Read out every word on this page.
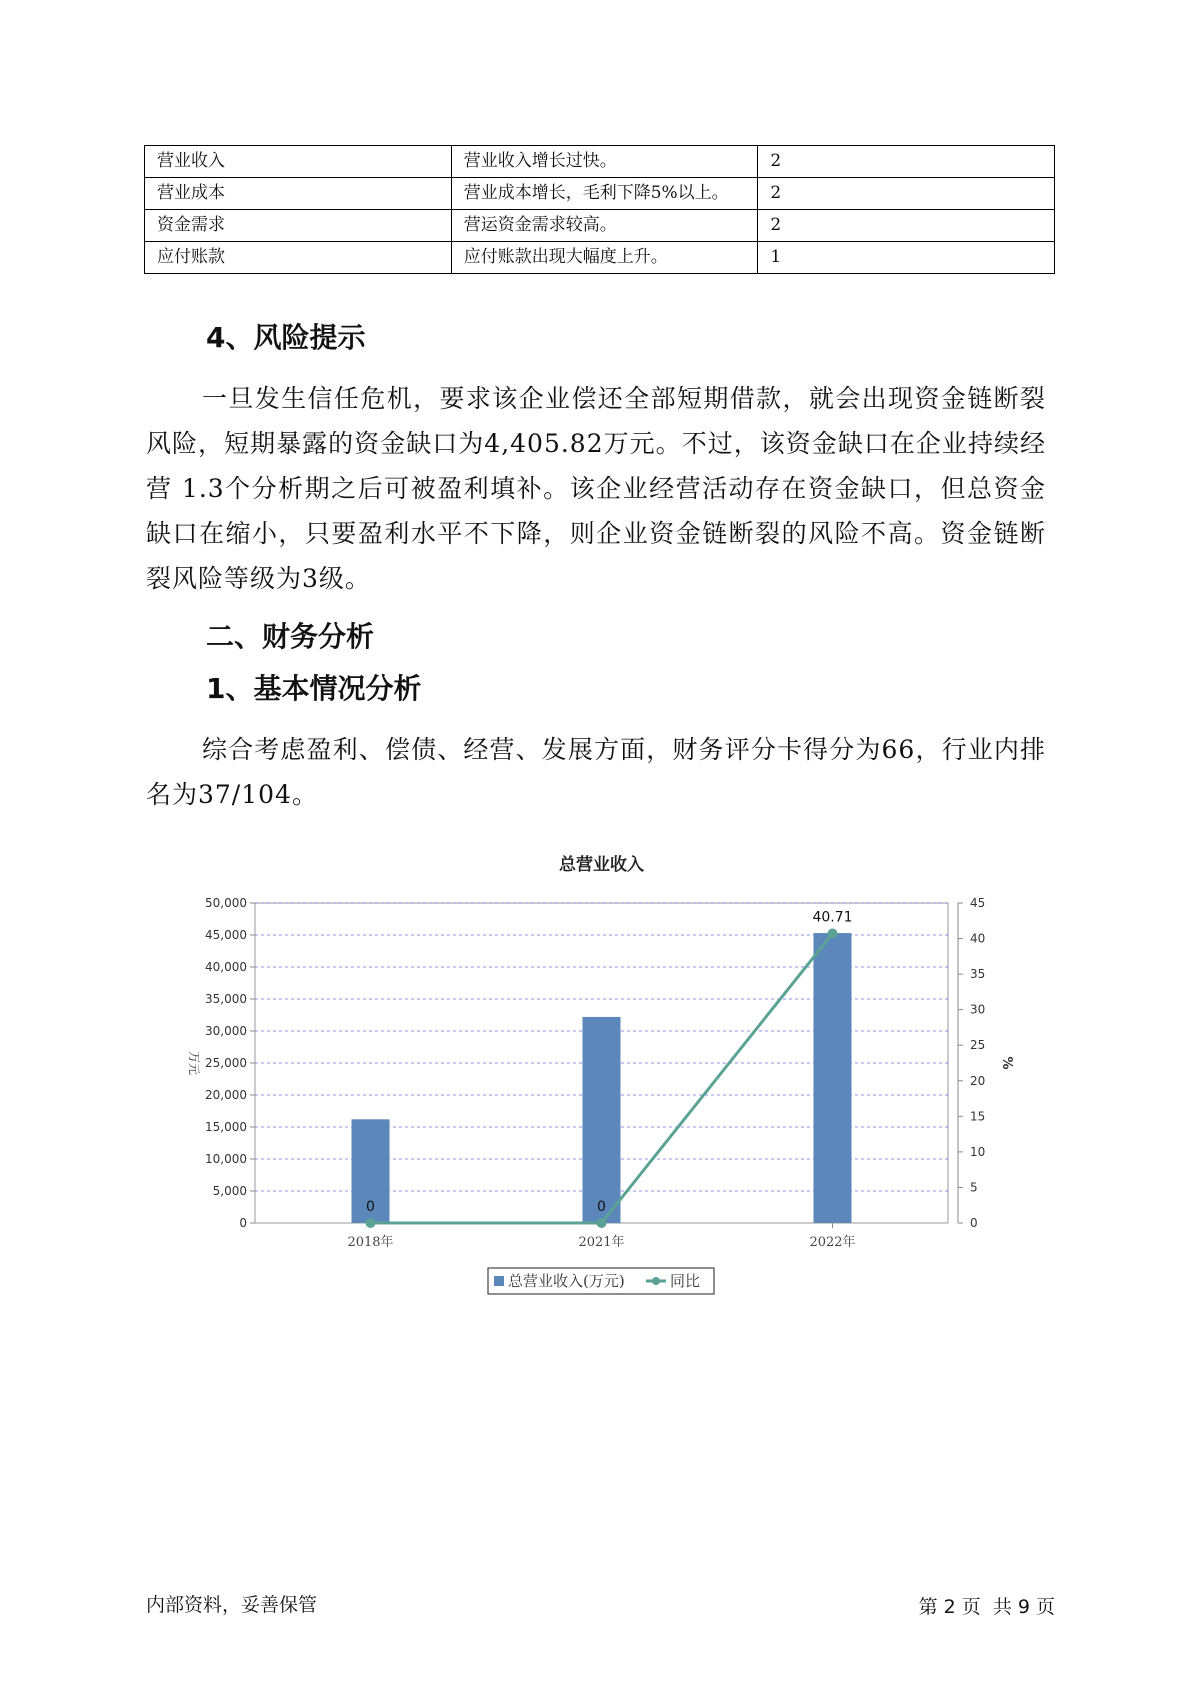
营业收入	营业收入增长过快。	2
营业成本	营业成本增长，毛利下降5%以上。	2
资金需求	营运资金需求较高。	2
应付账款	应付账款出现大幅度上升。	1
4、风险提示

一旦发生信任危机，要求该企业偿还全部短期借款，就会出现资金链断裂风险，短期暴露的资金缺口为4,405.82万元。不过，该资金缺口在企业持续经营 1.3个分析期之后可被盈利填补。该企业经营活动存在资金缺口，但总资金缺口在缩小，只要盈利水平不下降，则企业资金链断裂的风险不高。资金链断裂风险等级为3级。

二、财务分析
1、基本情况分析

综合考虑盈利、偿债、经营、发展方面，财务评分卡得分为66，行业内排名为37/104。

总营业收入
0
5,000
10,000
15,000
20,000
25,000
30,000
35,000
40,000
45,000
50,000
0
5
10
15
20
25
30
35
40
45
万元	%
2018年	2021年	2022年
0	0
40.71
总营业收入(万元)	同比
内部资料，妥善保管	第 2 页  共 9 页
